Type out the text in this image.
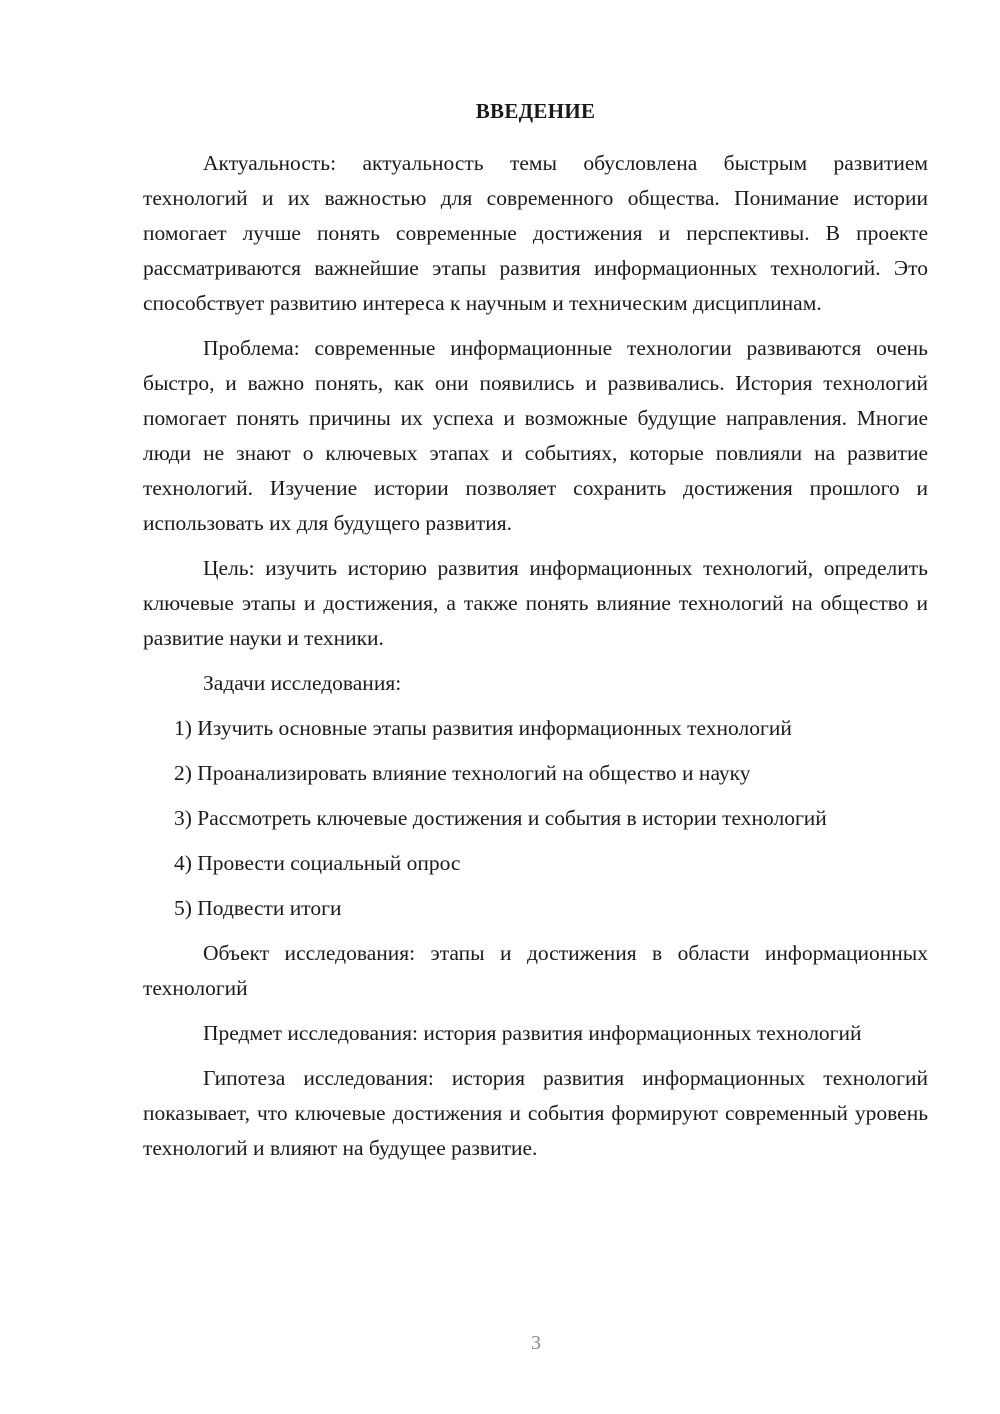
ВВЕДЕНИЕ

Актуальность: актуальность темы обусловлена быстрым развитием технологий и их важностью для современного общества. Понимание истории помогает лучше понять современные достижения и перспективы. В проекте рассматриваются важнейшие этапы развития информационных технологий. Это способствует развитию интереса к научным и техническим дисциплинам.

Проблема: современные информационные технологии развиваются очень быстро, и важно понять, как они появились и развивались. История технологий помогает понять причины их успеха и возможные будущие направления. Многие люди не знают о ключевых этапах и событиях, которые повлияли на развитие технологий. Изучение истории позволяет сохранить достижения прошлого и использовать их для будущего развития.

Цель: изучить историю развития информационных технологий, определить ключевые этапы и достижения, а также понять влияние технологий на общество и развитие науки и техники.

Задачи исследования:

1) Изучить основные этапы развития информационных технологий
2) Проанализировать влияние технологий на общество и науку
3) Рассмотреть ключевые достижения и события в истории технологий
4) Провести социальный опрос
5) Подвести итоги

Объект исследования: этапы и достижения в области информационных технологий

Предмет исследования: история развития информационных технологий

Гипотеза исследования: история развития информационных технологий показывает, что ключевые достижения и события формируют современный уровень технологий и влияют на будущее развитие.

3
